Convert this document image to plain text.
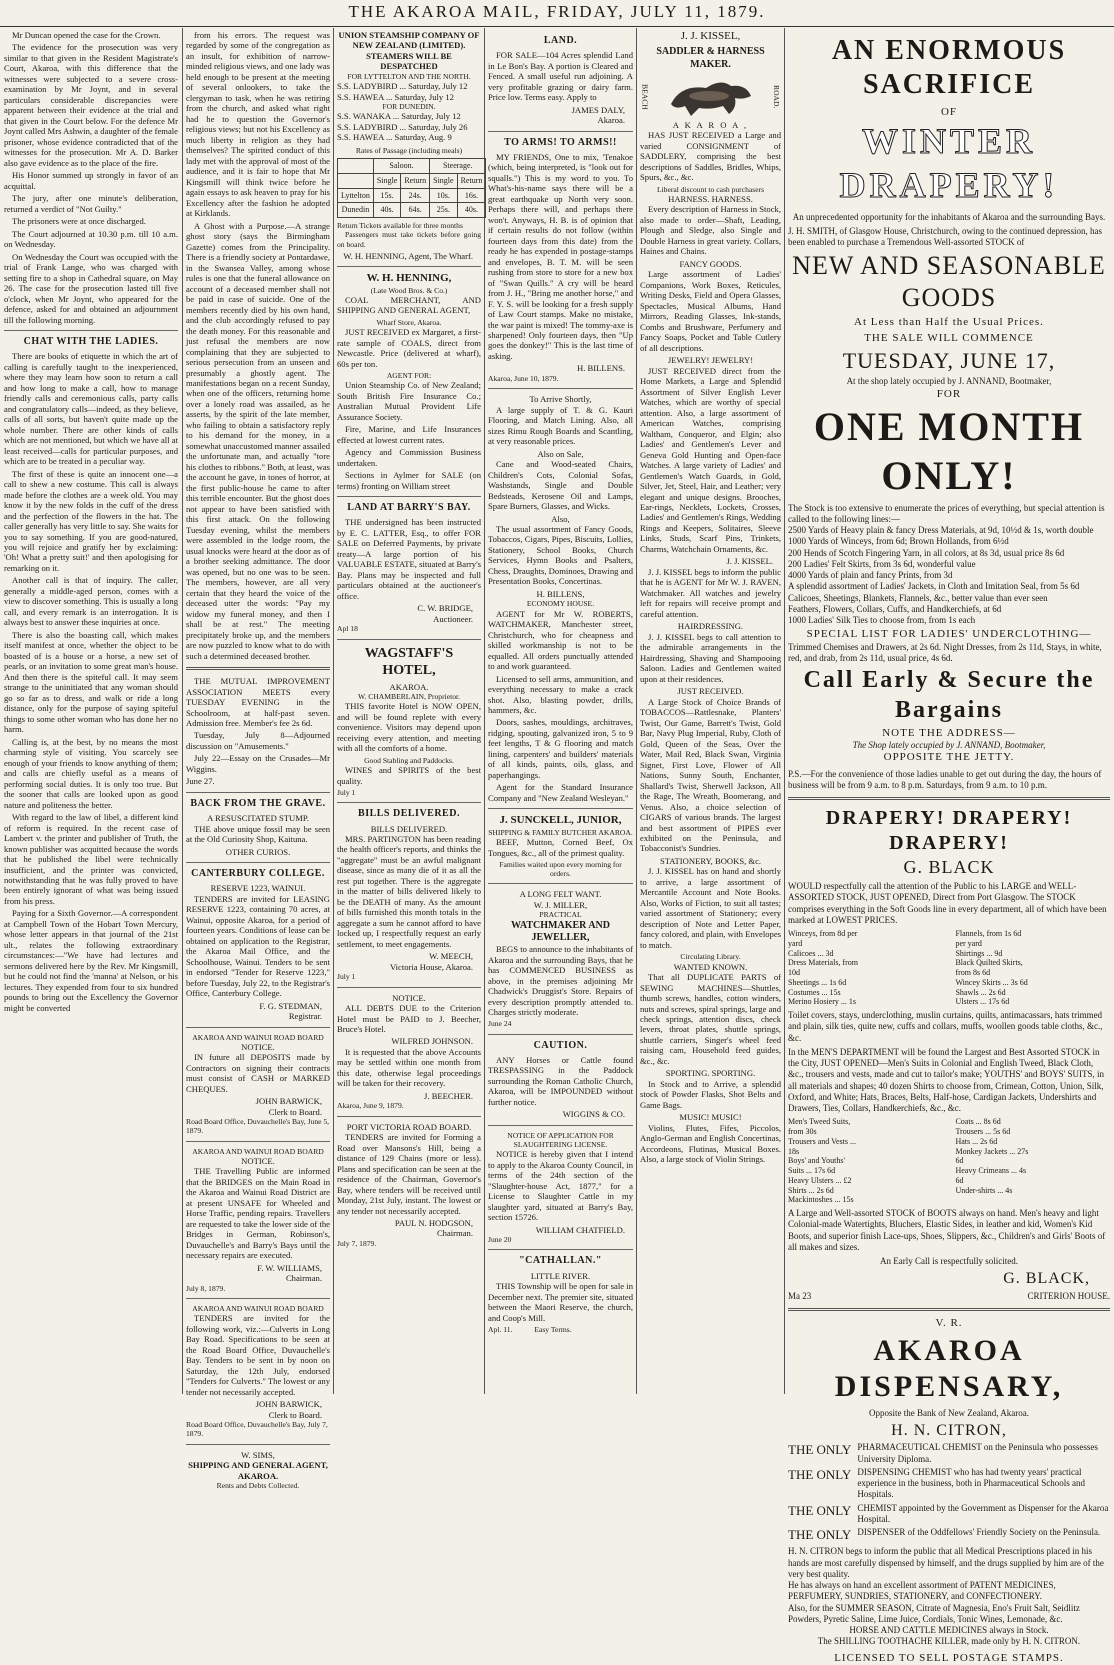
THE AKAROA MAIL, FRIDAY, JULY 11, 1879.

Mr Duncan opened the case for the Crown.

The evidence for the prosecution was very similar to that given in the Resident Magistrate's Court, Akaroa, with this difference that the witnesses were subjected to a severe cross-examination by Mr Joynt, and in several particulars considerable discrepancies were apparent between their evidence at the trial and that given in the Court below. For the defence Mr Joynt called Mrs Ashwin, a daughter of the female prisoner, whose evidence contradicted that of the witnesses for the prosecution. Mr A. D. Barker also gave evidence as to the place of the fire.

His Honor summed up strongly in favor of an acquittal.

The jury, after one minute's deliberation, returned a verdict of "Not Guilty."

The prisoners were at once discharged.

The Court adjourned at 10.30 p.m. till 10 a.m. on Wednesday.

On Wednesday the Court was occupied with the trial of Frank Lange, who was charged with setting fire to a shop in Cathedral square, on May 26. The case for the prosecution lasted till five o'clock, when Mr Joynt, who appeared for the defence, asked for and obtained an adjournment till the following morning.

CHAT WITH THE LADIES.

There are books of etiquette in which the art of calling is carefully taught to the inexperienced, where they may learn how soon to return a call and how long to make a call, how to manage friendly calls and ceremonious calls, party calls and congratulatory calls—indeed, as they believe, calls of all sorts, but haven't quite made up the whole number. There are other kinds of calls which are not mentioned, but which we have all at least received—calls for particular purposes, and which are to be treated in a peculiar way.

The first of these is quite an innocent one—a call to shew a new costume. This call is always made before the clothes are a week old. You may know it by the new folds in the cuff of the dress and the perfection of the flowers in the hat. The caller generally has very little to say. She waits for you to say something. If you are good-natured, you will rejoice and gratify her by exclaiming: 'Oh! What a pretty suit!' and then apologising for remarking on it.

Another call is that of inquiry. The caller, generally a middle-aged person, comes with a view to discover something. This is usually a long call, and every remark is an interrogation. It is always best to answer these inquiries at once.

There is also the boasting call, which makes itself manifest at once, whether the object to be boasted of is a house or a horse, a new set of pearls, or an invitation to some great man's house. And then there is the spiteful call. It may seem strange to the uninitiated that any woman should go so far as to dress, and walk or ride a long distance, only for the purpose of saying spiteful things to some other woman who has done her no harm.

Calling is, at the best, by no means the most charming style of visiting. You scarcely see enough of your friends to know anything of them; and calls are chiefly useful as a means of performing social duties. It is only too true. But the sooner that calls are looked upon as good nature and politeness the better.

With regard to the law of libel, a different kind of reform is required. In the recent case of Lambert v. the printer and publisher of Truth, the known publisher was acquitted because the words that he published the libel were technically insufficient, and the printer was convicted, notwithstanding that he was fully proved to have been entirely ignorant of what was being issued from his press.

Paying for a Sixth Governor.—A correspondent at Campbell Town of the Hobart Town Mercury, whose letter appears in that journal of the 21st ult., relates the following extraordinary circumstances:—"We have had lectures and sermons delivered here by the Rev. Mr Kingsmill, but he could not find the 'manna' at Nelson, or his lectures. They expended from four to six hundred pounds to bring out the Excellency the Governor might be converted

from his errors. The request was regarded by some of the congregation as an insult, for exhibition of narrow-minded religious views, and one lady was held enough to be present at the meeting of several onlookers, to take the clergyman to task, when he was retiring from the church, and asked what right had he to question the Governor's religious views; but not his Excellency as much liberty in religion as they had themselves? The spirited conduct of this lady met with the approval of most of the audience, and it is fair to hope that Mr Kingsmill will think twice before he again essays to ask heaven to pray for his Excellency after the fashion he adopted at Kirklands.

A Ghost with a Purpose.—A strange ghost story (says the Birmingham Gazette) comes from the Principality. There is a friendly society at Pontardawe, in the Swansea Valley, among whose rules is one that the funeral allowance on account of a deceased member shall not be paid in case of suicide. One of the members recently died by his own hand, and the club accordingly refused to pay the death money. For this reasonable and just refusal the members are now complaining that they are subjected to serious persecution from an unseen and presumably a ghostly agent. The manifestations began on a recent Sunday, when one of the officers, returning home over a lonely road was assailed, as he asserts, by the spirit of the late member, who failing to obtain a satisfactory reply to his demand for the money, in a somewhat unaccustomed manner assailed the unfortunate man, and actually "tore his clothes to ribbons." Both, at least, was the account he gave, in tones of horror, at the first public-house he came to after this terrible encounter. But the ghost does not appear to have been satisfied with this first attack. On the following Tuesday evening, whilst the members were assembled in the lodge room, the usual knocks were heard at the door as of a brother seeking admittance. The door was opened, but no one was to be seen. The members, however, are all very certain that they heard the voice of the deceased utter the words: "Pay my widow my funeral money, and then I shall be at rest." The meeting precipitately broke up, and the members are now puzzled to know what to do with such a determined deceased brother.

THE MUTUAL IMPROVEMENT ASSOCIATION MEETS every TUESDAY EVENING in the Schoolroom, at half-past seven. Admission free. Member's fee 2s 6d.

Tuesday, July 8—Adjourned discussion on "Amusements."

July 22—Essay on the Crusades—Mr Wiggins.

June 27.
BACK FROM THE GRAVE.
A RESUSCITATED STUMP.

THE above unique fossil may be seen at the Old Curiosity Shop, Kaituna.

OTHER CURIOS.
CANTERBURY COLLEGE.
RESERVE 1223, WAINUI.

TENDERS are invited for LEASING RESERVE 1223, containing 70 acres, at Wainui, opposite Akaroa, for a period of fourteen years. Conditions of lease can be obtained on application to the Registrar, the Akaroa Mail Office, and the Schoolhouse, Wainui. Tenders to be sent in endorsed "Tender for Reserve 1223," before Tuesday, July 22, to the Registrar's Office, Canterbury College.

F. G. STEDMAN,
Registrar.
AKAROA AND WAINUI ROAD BOARD
NOTICE.

IN future all DEPOSITS made by Contractors on signing their contracts must consist of CASH or MARKED CHEQUES.

JOHN BARWICK,
Clerk to Board.
Road Board Office, Duvauchelle's Bay, June 5, 1879.
AKAROA AND WAINUI ROAD BOARD
NOTICE.

THE Travelling Public are informed that the BRIDGES on the Main Road in the Akaroa and Wainui Road District are at present UNSAFE for Wheeled and Horse Traffic, pending repairs. Travellers are requested to take the lower side of the Bridges in German, Robinson's, Duvauchelle's and Barry's Bays until the necessary repairs are executed.

F. W. WILLIAMS,
Chairman.
July 8, 1879.
AKAROA AND WAINUI ROAD BOARD

TENDERS are invited for the following work, viz.:—Culverts in Long Bay Road. Specifications to be seen at the Road Board Office, Duvauchelle's Bay. Tenders to be sent in by noon on Saturday, the 12th July, endorsed "Tenders for Culverts." The lowest or any tender not necessarily accepted.

JOHN BARWICK,
Clerk to Board.
Road Board Office, Duvauchelle's Bay, July 7, 1879.
W. SIMS,
SHIPPING AND GENERAL AGENT, AKAROA.
Rents and Debts Collected.
UNION STEAMSHIP COMPANY OF NEW ZEALAND (LIMITED).
STEAMERS WILL BE DESPATCHED
FOR LYTTELTON AND THE NORTH.
S.S. LADYBIRD ... Saturday, July 12
S.S. HAWEA ... Saturday, July 12
FOR DUNEDIN.
S.S. WANAKA ... Saturday, July 12
S.S. LADYBIRD ... Saturday, July 26
S.S. HAWEA ... Saturday, Aug. 9
Rates of Passage (including meals)
	Saloon.		Steerage.	
	Single	Return	Single	Return
Lyttelton	15s.	24s.	10s.	16s.
Dunedin	40s.	64s.	25s.	40s.
Return Tickets available for three months

Passengers must take tickets before going on board.

W. H. HENNING, Agent, The Wharf.
W. H. HENNING,
(Late Wood Bros. & Co.)

COAL MERCHANT, AND SHIPPING AND GENERAL AGENT,

Wharf Store, Akaroa.

JUST RECEIVED ex Margaret, a first-rate sample of COALS, direct from Newcastle. Price (delivered at wharf), 60s per ton.

AGENT FOR:

Union Steamship Co. of New Zealand; South British Fire Insurance Co.; Australian Mutual Provident Life Assurance Society.

Fire, Marine, and Life Insurances effected at lowest current rates.

Agency and Commission Business undertaken.

Sections in Aylmer for SALE (on terms) fronting on William street

LAND AT BARRY'S BAY.

THE undersigned has been instructed by E. C. LATTER, Esq., to offer FOR SALE on Deferred Payments, by private treaty—A large portion of his VALUABLE ESTATE, situated at Barry's Bay. Plans may be inspected and full particulars obtained at the auctioneer's office.

C. W. BRIDGE,
Auctioneer.
Apl 18
WAGSTAFF'S HOTEL,
AKAROA.
W. CHAMBERLAIN, Proprietor.

THIS favorite Hotel is NOW OPEN, and will be found replete with every convenience. Visitors may depend upon receiving every attention, and meeting with all the comforts of a home.

Good Stabling and Paddocks.

WINES and SPIRITS of the best quality.

July 1
BILLS DELIVERED.
BILLS DELIVERED.

MRS. PARTINGTON has been reading the health officer's reports, and thinks the "aggregate" must be an awful malignant disease, since as many die of it as all the rest put together. There is the aggregate in the matter of bills delivered likely to be the DEATH of many. As the amount of bills furnished this month totals in the aggregate a sum he cannot afford to have locked up, I respectfully request an early settlement, to meet engagements.

W. MEECH,
Victoria House, Akaroa.
July 1
NOTICE.

ALL DEBTS DUE to the Criterion Hotel must be PAID to J. Beecher, Bruce's Hotel.

WILFRED JOHNSON.

It is requested that the above Accounts may be settled within one month from this date, otherwise legal proceedings will be taken for their recovery.

J. BEECHER.
Akaroa, June 9, 1879.
PORT VICTORIA ROAD BOARD.

TENDERS are invited for Forming a Road over Mansons's Hill, being a distance of 129 Chains (more or less). Plans and specification can be seen at the residence of the Chairman, Governor's Bay, where tenders will be received until Monday, 21st July, instant. The lowest or any tender not necessarily accepted.

PAUL N. HODGSON,
Chairman.
July 7, 1879.
LAND.

FOR SALE—104 Acres splendid Land in Le Bon's Bay. A portion is Cleared and Fenced. A small useful run adjoining. A very profitable grazing or dairy farm. Price low. Terms easy. Apply to

JAMES DALY,
Akaroa.
TO ARMS! TO ARMS!!

MY FRIENDS, One to mix, 'Tenakoe (which, being interpreted, is "look out for squalls.") This is my word to you. To What's-his-name says there will be a great earthquake up North very soon. Perhaps there will, and perhaps there won't. Anyways, H. B. is of opinion that if certain results do not follow (within fourteen days from this date) from the ready he has expended in postage-stamps and envelopes, B. T. M. will be seen rushing from store to store for a new box of "Swan Quills." A cry will be heard from J. H., "Bring me another horse," and F. Y. S. will be looking for a fresh supply of Law Court stamps. Make no mistake, the war paint is mixed! The tommy-axe is sharpened! Only fourteen days, then "Up goes the donkey!" This is the last time of asking.

H. BILLENS.
Akaroa, June 10, 1879.
To Arrive Shortly,

A large supply of T. & G. Kauri Flooring, and Match Lining. Also, all sizes Rimu Rough Boards and Scantling, at very reasonable prices.

Also on Sale,

Cane and Wood-seated Chairs, Children's Cots, Colonial Sofas, Washstands, Single and Double Bedsteads, Kerosene Oil and Lamps, Spare Burners, Glasses, and Wicks.

Also,

The usual assortment of Fancy Goods, Tobaccos, Cigars, Pipes, Biscuits, Lollies, Stationery, School Books, Church Services, Hymn Books and Psalters, Chess, Draughts, Dominoes, Drawing and Presentation Books, Concertinas.

H. BILLENS,
ECONOMY HOUSE.

AGENT for Mr W. ROBERTS, WATCHMAKER, Manchester street, Christchurch, who for cheapness and skilled workmanship is not to be equalled. All orders punctually attended to and work guaranteed.

Licensed to sell arms, ammunition, and everything necessary to make a crack shot. Also, blasting powder, drills, hammers, &c.

Doors, sashes, mouldings, architraves, ridging, spouting, galvanized iron, 5 to 9 feet lengths, T & G flooring and match lining, carpenters' and builders' materials of all kinds, paints, oils, glass, and paperhangings.

Agent for the Standard Insurance Company and "New Zealand Wesleyan."

J. SUNCKELL, JUNIOR,
SHIPPING & FAMILY BUTCHER AKAROA.

BEEF, Mutton, Corned Beef, Ox Tongues, &c., all of the primest quality.

Families waited upon every morning for orders.
A LONG FELT WANT.
W. J. MILLER,
PRACTICAL
WATCHMAKER AND JEWELLER,

BEGS to announce to the inhabitants of Akaroa and the surrounding Bays, that he has COMMENCED BUSINESS as above, in the premises adjoining Mr Chadwick's Druggist's Store. Repairs of every description promptly attended to. Charges strictly moderate.

June 24
CAUTION.

ANY Horses or Cattle found TRESPASSING in the Paddock surrounding the Roman Catholic Church, Akaroa, will be IMPOUNDED without further notice.

WIGGINS & CO.
NOTICE OF APPLICATION FOR SLAUGHTERING LICENSE.

NOTICE is hereby given that I intend to apply to the Akaroa County Council, in terms of the 24th section of the "Slaughter-house Act, 1877," for a License to Slaughter Cattle in my slaughter yard, situated at Barry's Bay, section 15726.

WILLIAM CHATFIELD.
June 20
"CATHALLAN."
LITTLE RIVER.

THIS Township will be open for sale in December next. The premier site, situated between the Maori Reserve, the church, and Coop's Mill.

Apl. 11.	Easy Terms.
J. J. KISSEL,
SADDLER & HARNESS MAKER.
BEACH	ROAD.
A K A R O A ,

HAS JUST RECEIVED a Large and varied CONSIGNMENT of SADDLERY, comprising the best descriptions of Saddles, Bridles, Whips, Spurs, &c., &c.

Liberal discount to cash purchasers
HARNESS. HARNESS.

Every description of Harness in Stock, also made to order—Shaft, Leading, Plough and Sledge, also Single and Double Harness in great variety. Collars, Haines and Chains.

FANCY GOODS.

Large assortment of Ladies' Companions, Work Boxes, Reticules, Writing Desks, Field and Opera Glasses, Spectacles, Musical Albums, Hand Mirrors, Reading Glasses, Ink-stands, Combs and Brushware, Perfumery and Fancy Soaps, Pocket and Table Cutlery of all descriptions.

JEWELRY! JEWELRY!

JUST RECEIVED direct from the Home Markets, a Large and Splendid Assortment of Silver English Lever Watches, which are worthy of special attention. Also, a large assortment of American Watches, comprising Waltham, Conqueror, and Elgin; also Ladies' and Gentlemen's Lever and Geneva Gold Hunting and Open-face Watches. A large variety of Ladies' and Gentlemen's Watch Guards, in Gold, Silver, Jet, Steel, Hair, and Leather; very elegant and unique designs. Brooches, Ear-rings, Necklets, Lockets, Crosses, Ladies' and Gentlemen's Rings, Wedding Rings and Keepers, Solitaires, Sleeve Links, Studs, Scarf Pins, Trinkets, Charms, Watchchain Ornaments, &c.

J. J. KISSEL.

J. J. KISSEL begs to inform the public that he is AGENT for Mr W. J. RAVEN, Watchmaker. All watches and jewelry left for repairs will receive prompt and careful attention.

HAIRDRESSING.

J. J. KISSEL begs to call attention to the admirable arrangements in the Hairdressing, Shaving and Shampooing Saloon. Ladies and Gentlemen waited upon at their residences.

JUST RECEIVED.

A Large Stock of Choice Brands of TOBACCOS—Rattlesnake, Planters' Twist, Our Game, Barrett's Twist, Gold Bar, Navy Plug Imperial, Ruby, Cloth of Gold, Queen of the Seas, Over the Water, Mail Red, Black Swan, Virginia Signet, First Love, Flower of All Nations, Sunny South, Enchanter, Shallard's Twist, Sherwell Jackson, All the Rage, The Wreath, Boomerang, and Venus. Also, a choice selection of CIGARS of various brands. The largest and best assortment of PIPES ever exhibited on the Peninsula, and Tobacconist's Sundries.

STATIONERY, BOOKS, &c.

J. J. KISSEL has on hand and shortly to arrive, a large assortment of Mercantile Account and Note Books. Also, Works of Fiction, to suit all tastes; varied assortment of Stationery; every description of Note and Letter Paper, fancy colored, and plain, with Envelopes to match.

Circulating Library.
WANTED KNOWN.

That all DUPLICATE PARTS of SEWING MACHINES—Shuttles, thumb screws, handles, cotton winders, nuts and screws, spiral springs, large and check springs, attention discs, check levers, throat plates, shuttle springs, shuttle carriers, Singer's wheel feed raising cam, Household feed guides, &c., &c.

SPORTING. SPORTING.

In Stock and to Arrive, a splendid stock of Powder Flasks, Shot Belts and Game Bags.

MUSIC! MUSIC!

Violins, Flutes, Fifes, Piccolos, Anglo-German and English Concertinas, Accordeons, Flutinas, Musical Boxes. Also, a large stock of Violin Strings.

AN ENORMOUS SACRIFICE
OF
WINTER DRAPERY!
An unprecedented opportunity for the inhabitants of Akaroa and the surrounding Bays.
J. H. SMITH, of Glasgow House, Christchurch, owing to the continued depression, has been enabled to purchase a Tremendous Well-assorted STOCK of
NEW AND SEASONABLE GOODS
At Less than Half the Usual Prices.
THE SALE WILL COMMENCE
TUESDAY, JUNE 17,
At the shop lately occupied by J. ANNAND, Bootmaker,
FOR
ONE MONTH ONLY!
The Stock is too extensive to enumerate the prices of everything, but special attention is called to the following lines:—
2500 Yards of Heavy plain & fancy Dress Materials, at 9d, 10½d & 1s, worth double
1000 Yards of Winceys, from 6d; Brown Hollands, from 6½d
200 Hends of Scotch Fingering Yarn, in all colors, at 8s 3d, usual price 8s 6d
200 Ladies' Felt Skirts, from 3s 6d, wonderful value
4000 Yards of plain and fancy Prints, from 3d
A splendid assortment of Ladies' Jackets, in Cloth and Imitation Seal, from 5s 6d
Calicoes, Sheetings, Blankets, Flannels, &c., better value than ever seen
Feathers, Flowers, Collars, Cuffs, and Handkerchiefs, at 6d
1000 Ladies' Silk Ties to choose from, from 1s each
SPECIAL LIST FOR LADIES' UNDERCLOTHING—
Trimmed Chemises and Drawers, at 2s 6d. Night Dresses, from 2s 11d, Stays, in white, red, and drab, from 2s 11d, usual price, 4s 6d.
Call Early & Secure the Bargains
NOTE THE ADDRESS—
The Shop lately occupied by J. ANNAND, Bootmaker,
OPPOSITE THE JETTY.
P.S.—For the convenience of those ladies unable to get out during the day, the hours of business will be from 9 a.m. to 8 p.m. Saturdays, from 9 a.m. to 10 p.m.
DRAPERY! DRAPERY! DRAPERY!
G. BLACK
WOULD respectfully call the attention of the Public to his LARGE and WELL-ASSORTED STOCK, JUST OPENED, Direct from Port Glasgow. The STOCK comprises everything in the Soft Goods line in every department, all of which have been marked at LOWEST PRICES.
Winceys, from 8d per yard
Calicoes ... 3d
Dress Materials, from 10d
Sheetings ... 1s 6d
Costumes ... 15s
Merino Hosiery ... 1s
Flannels, from 1s 6d per yard
Shirtings ... 9d
Black Quilted Skirts, from 8s 6d
Wincey Skirts ... 3s 6d
Shawls ... 2s 6d
Ulsters ... 17s 6d
Toilet covers, stays, underclothing, muslin curtains, quilts, antimacassars, hats trimmed and plain, silk ties, quite new, cuffs and collars, muffs, woollen goods table cloths, &c., &c.
In the MEN'S DEPARTMENT will be found the Largest and Best Assorted STOCK in the City, JUST OPENED—Men's Suits in Colonial and English Tweed, Black Cloth, &c., trousers and vests, made and cut to tailor's make; YOUTHS' and BOYS' SUITS, in all materials and shapes; 40 dozen Shirts to choose from, Crimean, Cotton, Union, Silk, Oxford, and White; Hats, Braces, Belts, Half-hose, Cardigan Jackets, Undershirts and Drawers, Ties, Collars, Handkerchiefs, &c., &c.
Men's Tweed Suits, from 30s
Trousers and Vests ... 18s
Boys' and Youths' Suits ... 17s 6d
Heavy Ulsters ... £2
Shirts ... 2s 6d
Mackintoshes ... 15s
Coats ... 8s 6d
Trousers ... 5s 6d
Hats ... 2s 6d
Monkey Jackets ... 27s 6d
Heavy Crimeans ... 4s 6d
Under-shirts ... 4s
A Large and Well-assorted STOCK of BOOTS always on hand. Men's heavy and light Colonial-made Watertights, Bluchers, Elastic Sides, in leather and kid, Women's Kid Boots, and superior finish Lace-ups, Shoes, Slippers, &c., Children's and Girls' Boots of all makes and sizes.
An Early Call is respectfully solicited.
G. BLACK,
Ma 23	CRITERION HOUSE.
V. R.
AKAROA DISPENSARY,
Opposite the Bank of New Zealand, Akaroa.
H. N. CITRON,
THE ONLY PHARMACEUTICAL CHEMIST on the Peninsula who possesses University Diploma.
THE ONLY DISPENSING CHEMIST who has had twenty years' practical experience in the business, both in Pharmaceutical Schools and Hospitals.
THE ONLY CHEMIST appointed by the Government as Dispenser for the Akaroa Hospital.
THE ONLY DISPENSER of the Oddfellows' Friendly Society on the Peninsula.
H. N. CITRON begs to inform the public that all Medical Prescriptions placed in his hands are most carefully dispensed by himself, and the drugs supplied by him are of the very best quality.
He has always on hand an excellent assortment of PATENT MEDICINES, PERFUMERY, SUNDRIES, STATIONERY, and CONFECTIONERY.
Also, for the SUMMER SEASON, Citrate of Magnesia, Eno's Fruit Salt, Seidlitz Powders, Pyretic Saline, Lime Juice, Cordials, Tonic Wines, Lemonade, &c.
HORSE AND CATTLE MEDICINES always in Stock.
The SHILLING TOOTHACHE KILLER, made only by H. N. CITRON.
LICENSED TO SELL POSTAGE STAMPS.
